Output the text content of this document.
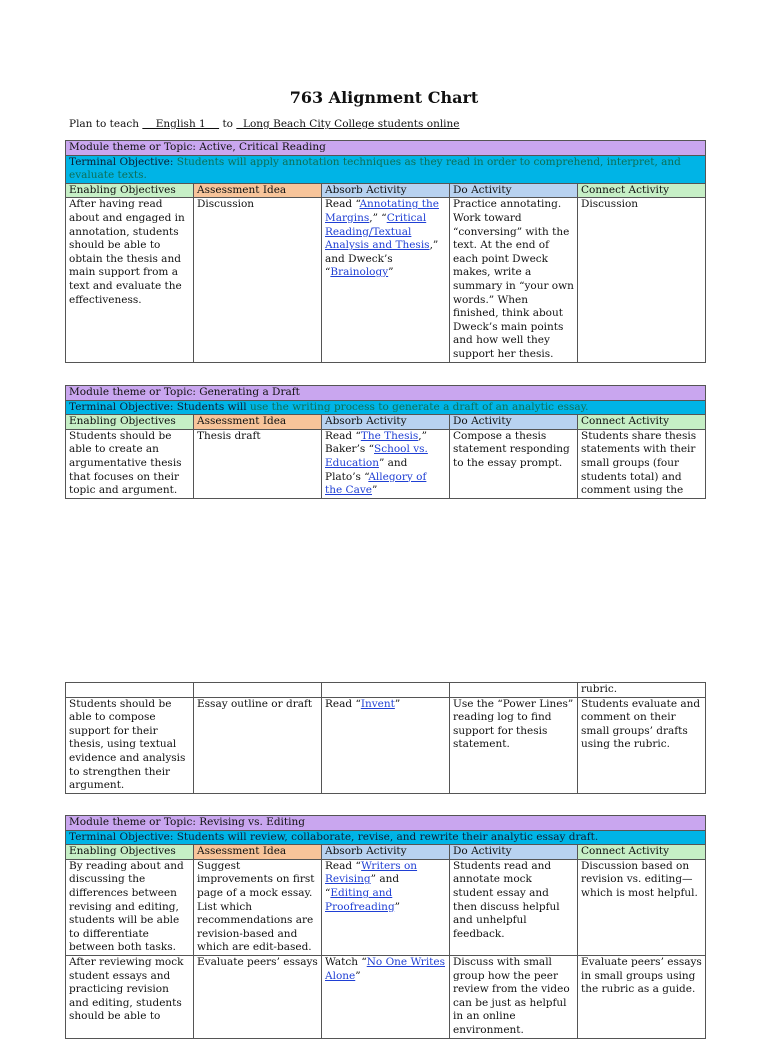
763 Alignment Chart
Plan to teach     English 1     to   Long Beach City College students online
Module theme or Topic: Active, Critical Reading				
Terminal Objective: Students will apply annotation techniques as they read in order to comprehend, interpret, and evaluate texts.				
Enabling Objectives	Assessment Idea	Absorb Activity	Do Activity	Connect Activity
After having read about and engaged in annotation, students should be able to obtain the thesis and main support from a text and evaluate the effectiveness.	Discussion	Read “Annotating the Margins,” “Critical Reading/Textual Analysis and Thesis,” and Dweck’s “Brainology”	Practice annotating. Work toward “conversing” with the text. At the end of each point Dweck makes, write a summary in “your own words.” When finished, think about Dweck’s main points and how well they support her thesis.	Discussion
Module theme or Topic: Generating a Draft				
Terminal Objective: Students will use the writing process to generate a draft of an analytic essay.				
Enabling Objectives	Assessment Idea	Absorb Activity	Do Activity	Connect Activity
Students should be able to create an argumentative thesis that focuses on their topic and argument.	Thesis draft	Read “The Thesis,” Baker’s “School vs. Education” and Plato’s “Allegory of the Cave”	Compose a thesis statement responding to the essay prompt.	Students share thesis statements with their small groups (four students total) and comment using the
				rubric.
Students should be able to compose support for their thesis, using textual evidence and analysis to strengthen their argument.	Essay outline or draft	Read “Invent”	Use the “Power Lines” reading log to find support for thesis statement.	Students evaluate and comment on their small groups’ drafts using the rubric.
Module theme or Topic: Revising vs. Editing				
Terminal Objective: Students will review, collaborate, revise, and rewrite their analytic essay draft.				
Enabling Objectives	Assessment Idea	Absorb Activity	Do Activity	Connect Activity
By reading about and discussing the differences between revising and editing, students will be able to differentiate between both tasks.	Suggest improvements on first page of a mock essay. List which recommendations are revision-based and which are edit-based.	Read “Writers on Revising” and “Editing and Proofreading”	Students read and annotate mock student essay and then discuss helpful and unhelpful feedback.	Discussion based on revision vs. editing—which is most helpful.
After reviewing mock student essays and practicing revision and editing, students should be able to	Evaluate peers’ essays	Watch “No One Writes Alone”	Discuss with small group how the peer review from the video can be just as helpful in an online environment.	Evaluate peers’ essays in small groups using the rubric as a guide.
